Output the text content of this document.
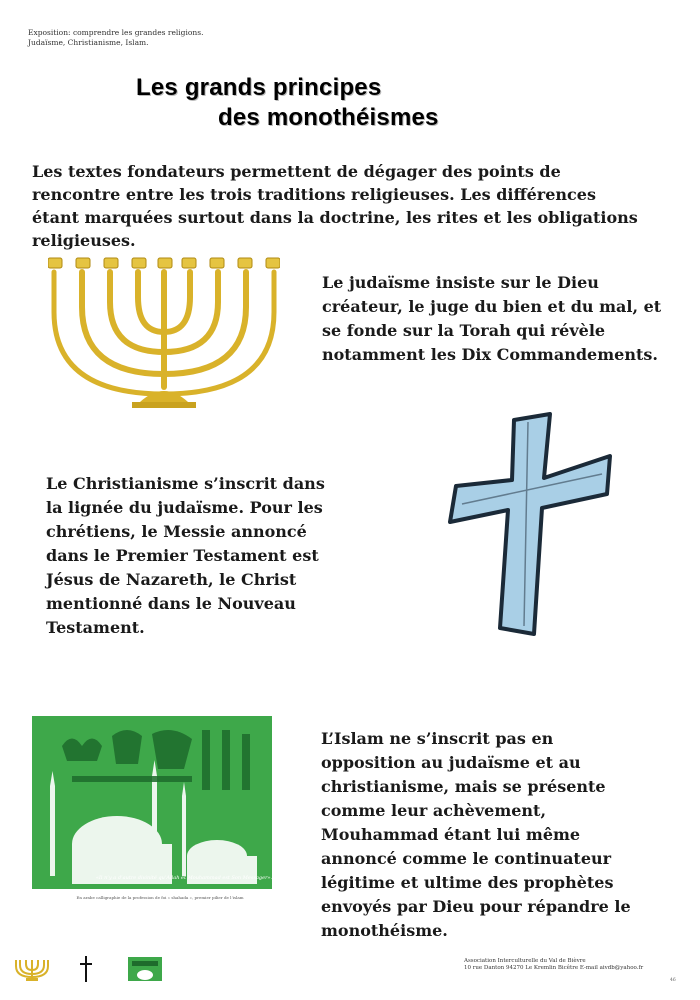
Exposition: comprendre les grandes religions.
Judaïsme, Christianisme, Islam.
Les grands principes
des monothéismes
Les textes fondateurs permettent de dégager des points de rencontre entre les trois traditions religieuses. Les différences étant marquées surtout dans la doctrine, les rites et les obligations religieuses.
Le judaïsme insiste sur le Dieu créateur, le juge du bien et du mal, et se fonde sur la Torah qui révèle notamment les Dix Commandements.
Le Christianisme s’inscrit dans la lignée du judaïsme. Pour les chrétiens, le Messie annoncé dans le Premier Testament est Jésus de Nazareth, le Christ mentionné dans le Nouveau Testament.
«Il n’y a d’autre divinité qu’Allah et Mouhammad est Son Messager».
En arabe calligraphie de la profession de foi « shahada », premier pilier de l’islam
L’Islam ne s’inscrit pas en opposition au judaïsme et au christianisme, mais se présente comme leur achèvement, Mouhammad étant lui même annoncé comme le continuateur légitime et ultime des prophètes envoyés par Dieu pour répandre le monothéisme.
Association Interculturelle du Val de Bièvre
10 rue Danton 94270 Le Kremlin Bicêtre E-mail aivdb@yahoo.fr
46
